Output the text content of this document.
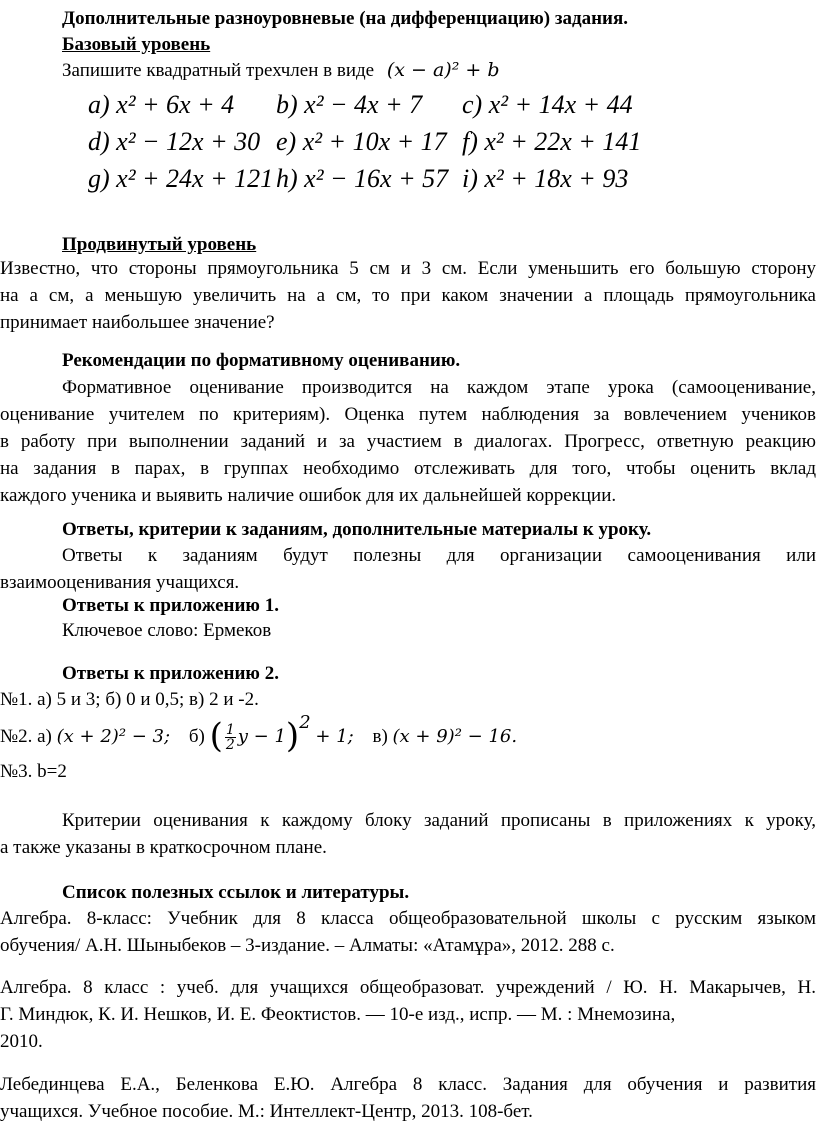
Дополнительные разноуровневые (на дифференциацию) задания.
Базовый уровень
Запишите квадратный трехчлен в виде (x − a)² + b
a) x² + 6x + 4 b) x² − 4x + 7 c) x² + 14x + 44
d) x² − 12x + 30 e) x² + 10x + 17 f) x² + 22x + 141
g) x² + 24x + 121 h) x² − 16x + 57 i) x² + 18x + 93
Продвинутый уровень
Известно, что стороны прямоугольника 5 см и 3 см. Если уменьшить его большую сторону
на a см, а меньшую увеличить на a см, то при каком значении a площадь прямоугольника
принимает наибольшее значение?
Рекомендации по формативному оцениванию.
Формативное оценивание производится на каждом этапе урока (самооценивание,
оценивание учителем по критериям). Оценка путем наблюдения за вовлечением учеников
в работу при выполнении заданий и за участием в диалогах. Прогресс, ответную реакцию
на задания в парах, в группах необходимо отслеживать для того, чтобы оценить вклад
каждого ученика и выявить наличие ошибок для их дальнейшей коррекции.
Ответы, критерии к заданиям, дополнительные материалы к уроку.
Ответы к заданиям будут полезны для организации самооценивания или
взаимооценивания учащихся.
Ответы к приложению 1.
Ключевое слово: Ермеков
Ответы к приложению 2.
№1. а) 5 и 3; б) 0 и 0,5; в) 2 и -2.
№2. а) (x + 2)² − 3; б) ( $\frac{1}{2}$ y − 1)2 + 1; в) (x + 9)² − 16.
№3. b=2
Критерии оценивания к каждому блоку заданий прописаны в приложениях к уроку,
а также указаны в краткосрочном плане.
Список полезных ссылок и литературы.
Алгебра. 8-класс: Учебник для 8 класса общеобразовательной школы с русским языком
обучения/ А.Н. Шыныбеков – 3-издание. – Алматы: «Атамұра», 2012. 288 с.
Алгебра. 8 класс : учеб. для учащихся общеобразоват. учреждений / Ю. Н. Макарычев, Н.
Г. Миндюк, К. И. Нешков, И. Е. Феоктистов. — 10-е изд., испр. — М. : Мнемозина,
2010.
Лебединцева Е.А., Беленкова Е.Ю. Алгебра 8 класс. Задания для обучения и развития
учащихся. Учебное пособие. М.: Интеллект-Центр, 2013. 108-бет.
